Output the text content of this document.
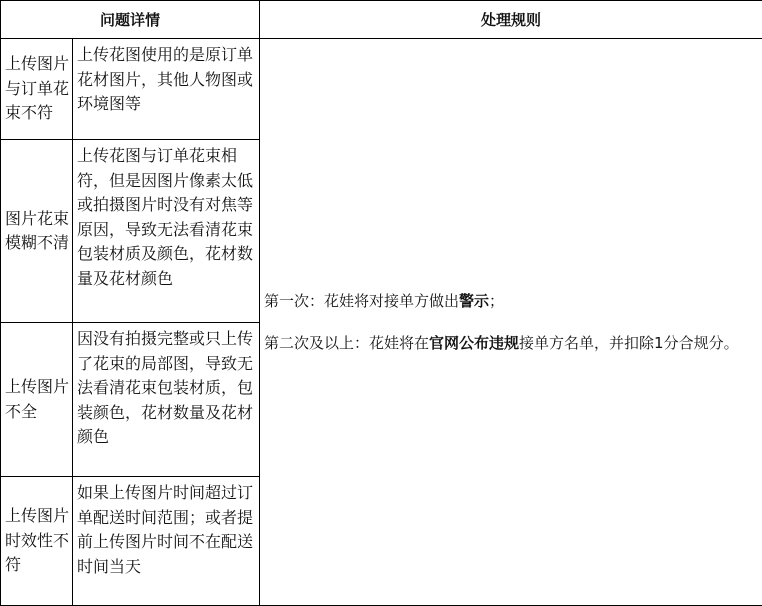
问题详情		处理规则
上传图片与订单花束不符	上传花图使用的是原订单花材图片，其他人物图或环境图等	第一次：花娃将对接单方做出警示；

第二次及以上：花娃将在官网公布违规接单方名单，并扣除1分合规分。

图片花束模糊不清	上传花图与订单花束相符，但是因图片像素太低或拍摄图片时没有对焦等原因，导致无法看清花束包装材质及颜色，花材数量及花材颜色	
上传图片不全	因没有拍摄完整或只上传了花束的局部图，导致无法看清花束包装材质，包装颜色，花材数量及花材颜色	
上传图片时效性不符	如果上传图片时间超过订单配送时间范围；或者提前上传图片时间不在配送时间当天	
